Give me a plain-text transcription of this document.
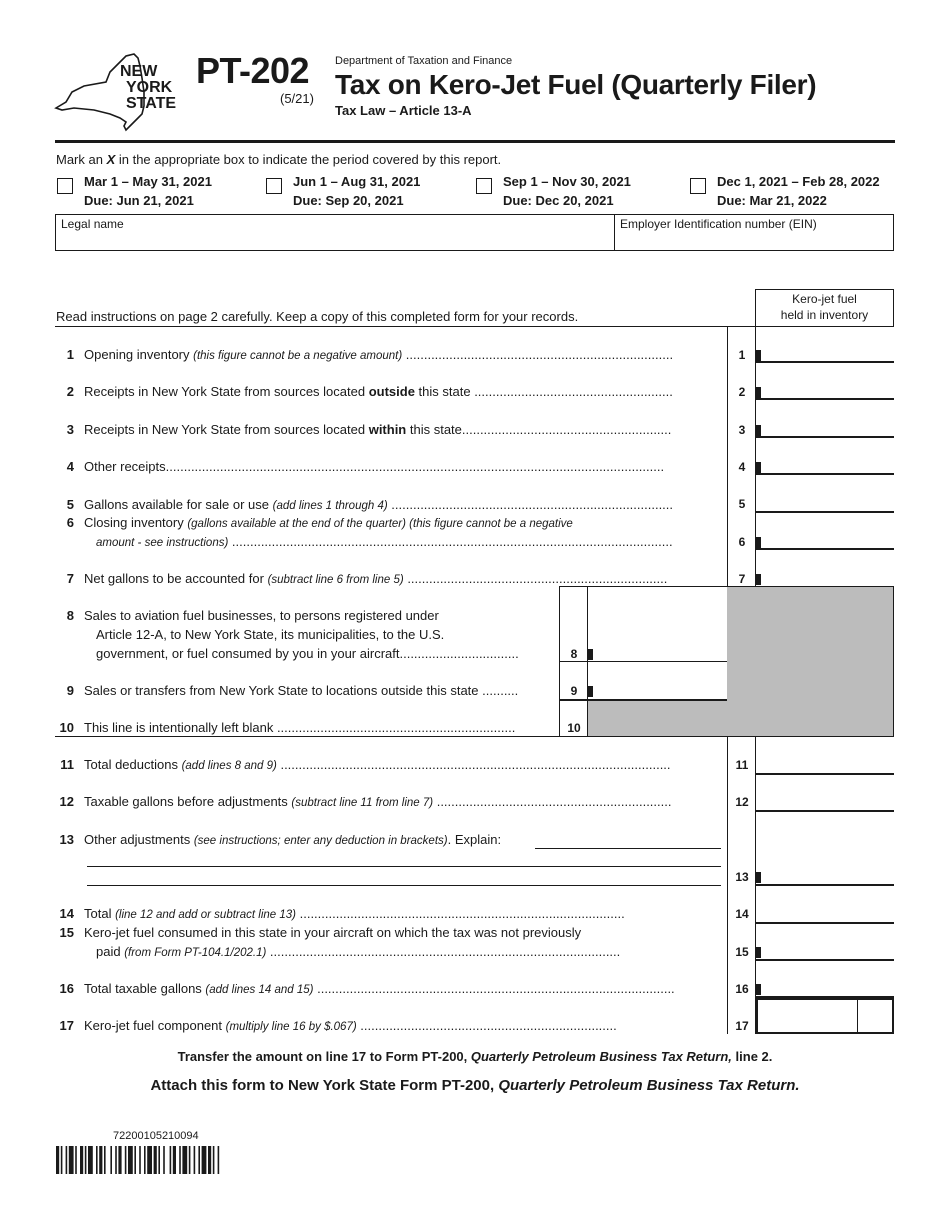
NEW
YORK
STATE
PT-202
(5/21)
Department of Taxation and Finance
Tax on Kero-Jet Fuel (Quarterly Filer)
Tax Law – Article 13-A
Mark an X in the appropriate box to indicate the period covered by this report.
Mar 1 – May 31, 2021
Due: Jun 21, 2021
Jun 1 – Aug 31, 2021
Due: Sep 20, 2021
Sep 1 – Nov 30, 2021
Due: Dec 20, 2021
Dec 1, 2021 – Feb 28, 2022
Due: Mar 21, 2022
Legal name	Employer Identification number (EIN)
Read instructions on page 2 carefully. Keep a copy of this completed form for your records.
Kero-jet fuel
held in inventory
1 Opening inventory (this figure cannot be a negative amount) ..........................................................................	1
2 Receipts in New York State from sources located outside this state .......................................................	2
3 Receipts in New York State from sources located within this state..........................................................	3
4 Other receipts..........................................................................................................................................	4
5 Gallons available for sale or use (add lines 1 through 4) ..............................................................................	5
6 Closing inventory (gallons available at the end of the quarter) (this figure cannot be a negative
amount - see instructions) ..........................................................................................................................	6
7 Net gallons to be accounted for (subtract line 6 from line 5) ........................................................................	7
8 Sales to aviation fuel businesses, to persons registered under
Article 12-A, to New York State, its municipalities, to the U.S.
government, or fuel consumed by you in your aircraft.................................	8
9 Sales or transfers from New York State to locations outside this state ..........	9
10 This line is intentionally left blank ..................................................................	10
11 Total deductions (add lines 8 and 9) ............................................................................................................	11
12 Taxable gallons before adjustments (subtract line 11 from line 7) .................................................................	12
13 Other adjustments (see instructions; enter any deduction in brackets). Explain:
13
14 Total (line 12 and add or subtract line 13) ..........................................................................................	14
15 Kero-jet fuel consumed in this state in your aircraft on which the tax was not previously
paid (from Form PT-104.1/202.1) .................................................................................................	15
16 Total taxable gallons (add lines 14 and 15) ...................................................................................................	16
17 Kero-jet fuel component (multiply line 16 by $.067) .......................................................................	17
Transfer the amount on line 17 to Form PT-200, Quarterly Petroleum Business Tax Return, line 2.
Attach this form to New York State Form PT-200, Quarterly Petroleum Business Tax Return.
72200105210094
